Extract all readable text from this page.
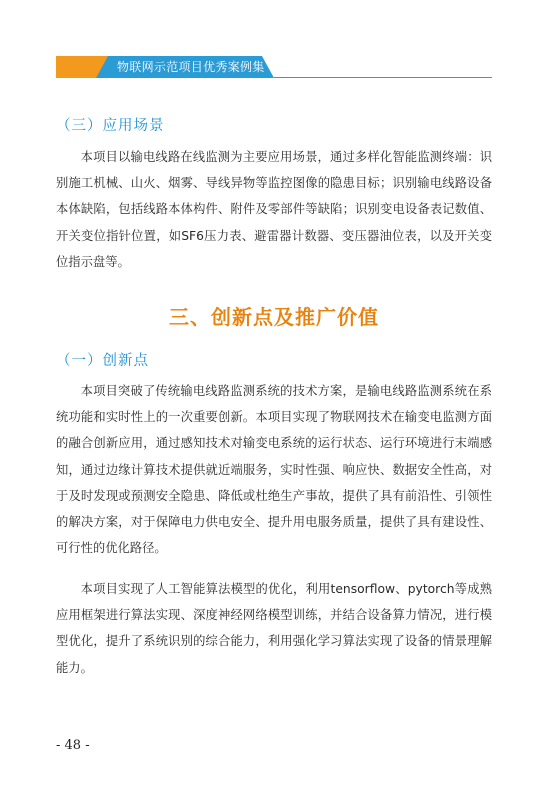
物联网示范项目优秀案例集
（三）应用场景

本项目以输电线路在线监测为主要应用场景，通过多样化智能监测终端：识别施工机械、山火、烟雾、导线异物等监控图像的隐患目标；识别输电线路设备本体缺陷，包括线路本体构件、附件及零部件等缺陷；识别变电设备表记数值、开关变位指针位置，如SF6压力表、避雷器计数器、变压器油位表，以及开关变位指示盘等。

三、创新点及推广价值
（一）创新点

本项目突破了传统输电线路监测系统的技术方案，是输电线路监测系统在系统功能和实时性上的一次重要创新。本项目实现了物联网技术在输变电监测方面的融合创新应用，通过感知技术对输变电系统的运行状态、运行环境进行末端感知，通过边缘计算技术提供就近端服务，实时性强、响应快、数据安全性高，对于及时发现或预测安全隐患、降低或杜绝生产事故，提供了具有前沿性、引领性的解决方案，对于保障电力供电安全、提升用电服务质量，提供了具有建设性、可行性的优化路径。

本项目实现了人工智能算法模型的优化，利用tensorflow、pytorch等成熟应用框架进行算法实现、深度神经网络模型训练，并结合设备算力情况，进行模型优化，提升了系统识别的综合能力，利用强化学习算法实现了设备的情景理解能力。

- 48 -
